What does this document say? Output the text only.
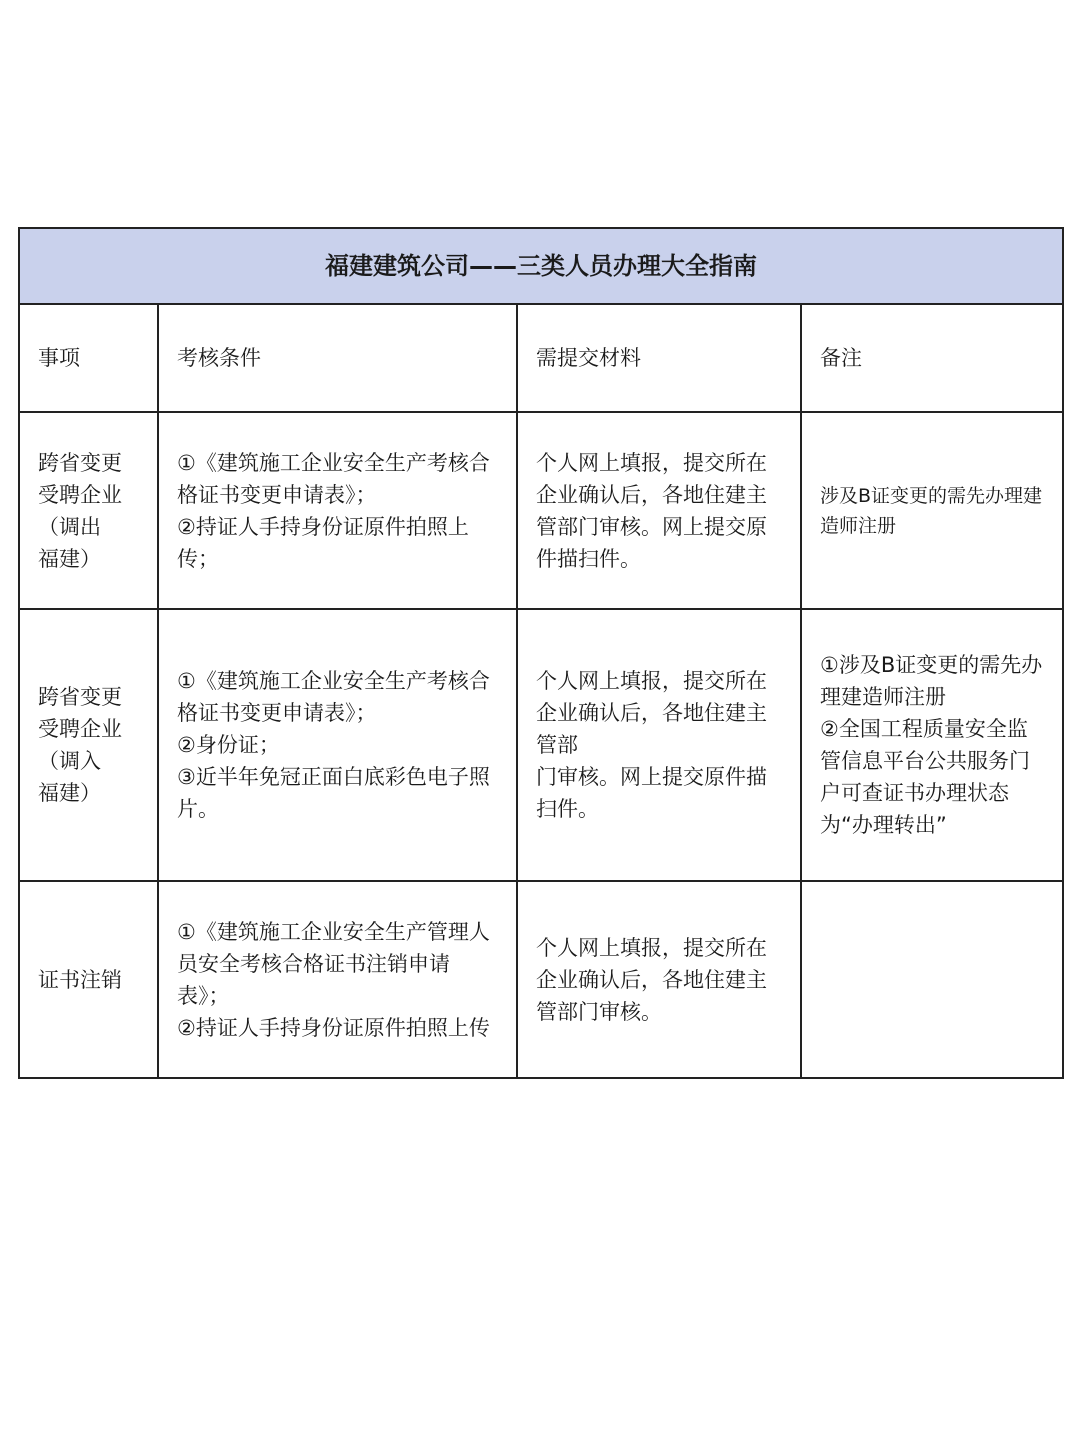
福建建筑公司——三类人员办理大全指南			
事项	考核条件	需提交材料	备注

跨省变更
受聘企业
（调出
福建）	①《建筑施工企业安全生产考核合格证书变更申请表》；
②持证人手持身份证原件拍照上传；	个人网上填报，提交所在企业确认后，各地住建主管部门审核。网上提交原件描扫件。	涉及B证变更的需先办理建造师注册

跨省变更
受聘企业
（调入
福建）	①《建筑施工企业安全生产考核合格证书变更申请表》；
②身份证；
③近半年免冠正面白底彩色电子照片。	个人网上填报，提交所在企业确认后，各地住建主管部
门审核。网上提交原件描扫件。	①涉及B证变更的需先办理建造师注册
②全国工程质量安全监管信息平台公共服务门户可查证书办理状态为“办理转出”

证书注销	①《建筑施工企业安全生产管理人员安全考核合格证书注销申请表》；
②持证人手持身份证原件拍照上传	个人网上填报，提交所在企业确认后，各地住建主管部门审核。	
